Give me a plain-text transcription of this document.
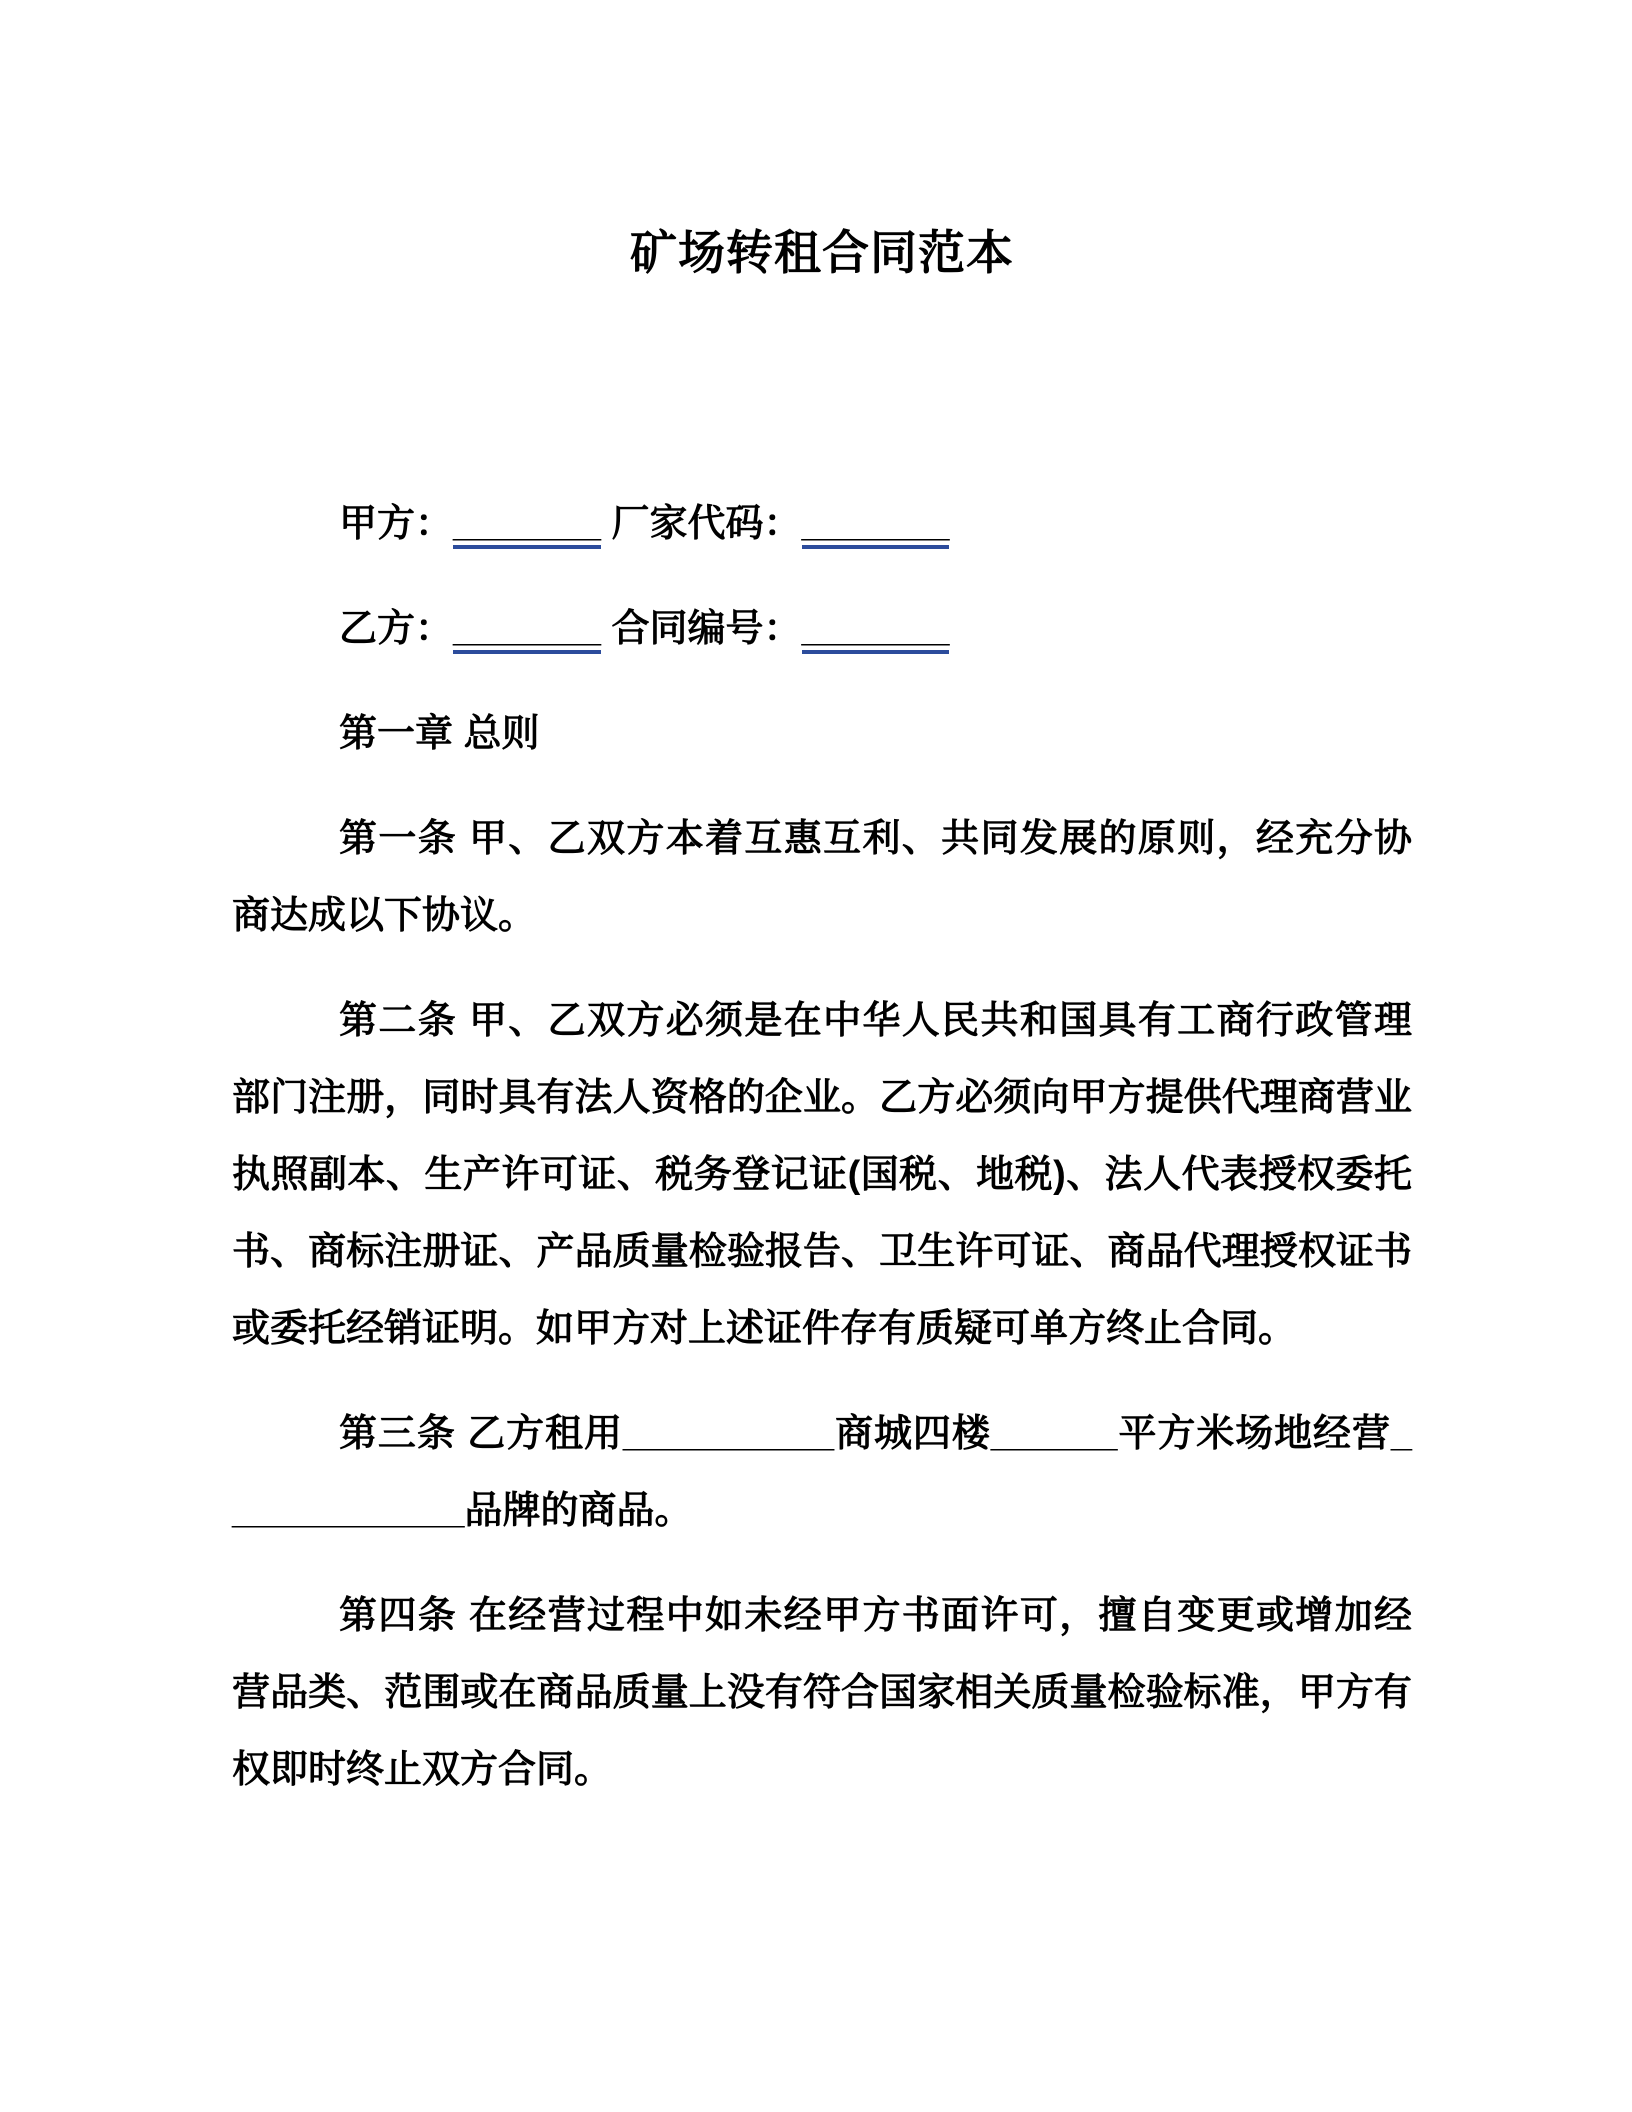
矿场转租合同范本

甲方：_______ 厂家代码：_______

乙方：_______ 合同编号：_______

第一章 总则

第一条 甲、乙双方本着互惠互利、共同发展的原则，经充分协商达成以下协议。

第二条 甲、乙双方必须是在中华人民共和国具有工商行政管理部门注册，同时具有法人资格的企业。乙方必须向甲方提供代理商营业执照副本、生产许可证、税务登记证(国税、地税)、法人代表授权委托书、商标注册证、产品质量检验报告、卫生许可证、商品代理授权证书或委托经销证明。如甲方对上述证件存有质疑可单方终止合同。

第三条 乙方租用__________商城四楼______平方米场地经营____________品牌的商品。

第四条 在经营过程中如未经甲方书面许可，擅自变更或增加经营品类、范围或在商品质量上没有符合国家相关质量检验标准，甲方有权即时终止双方合同。
